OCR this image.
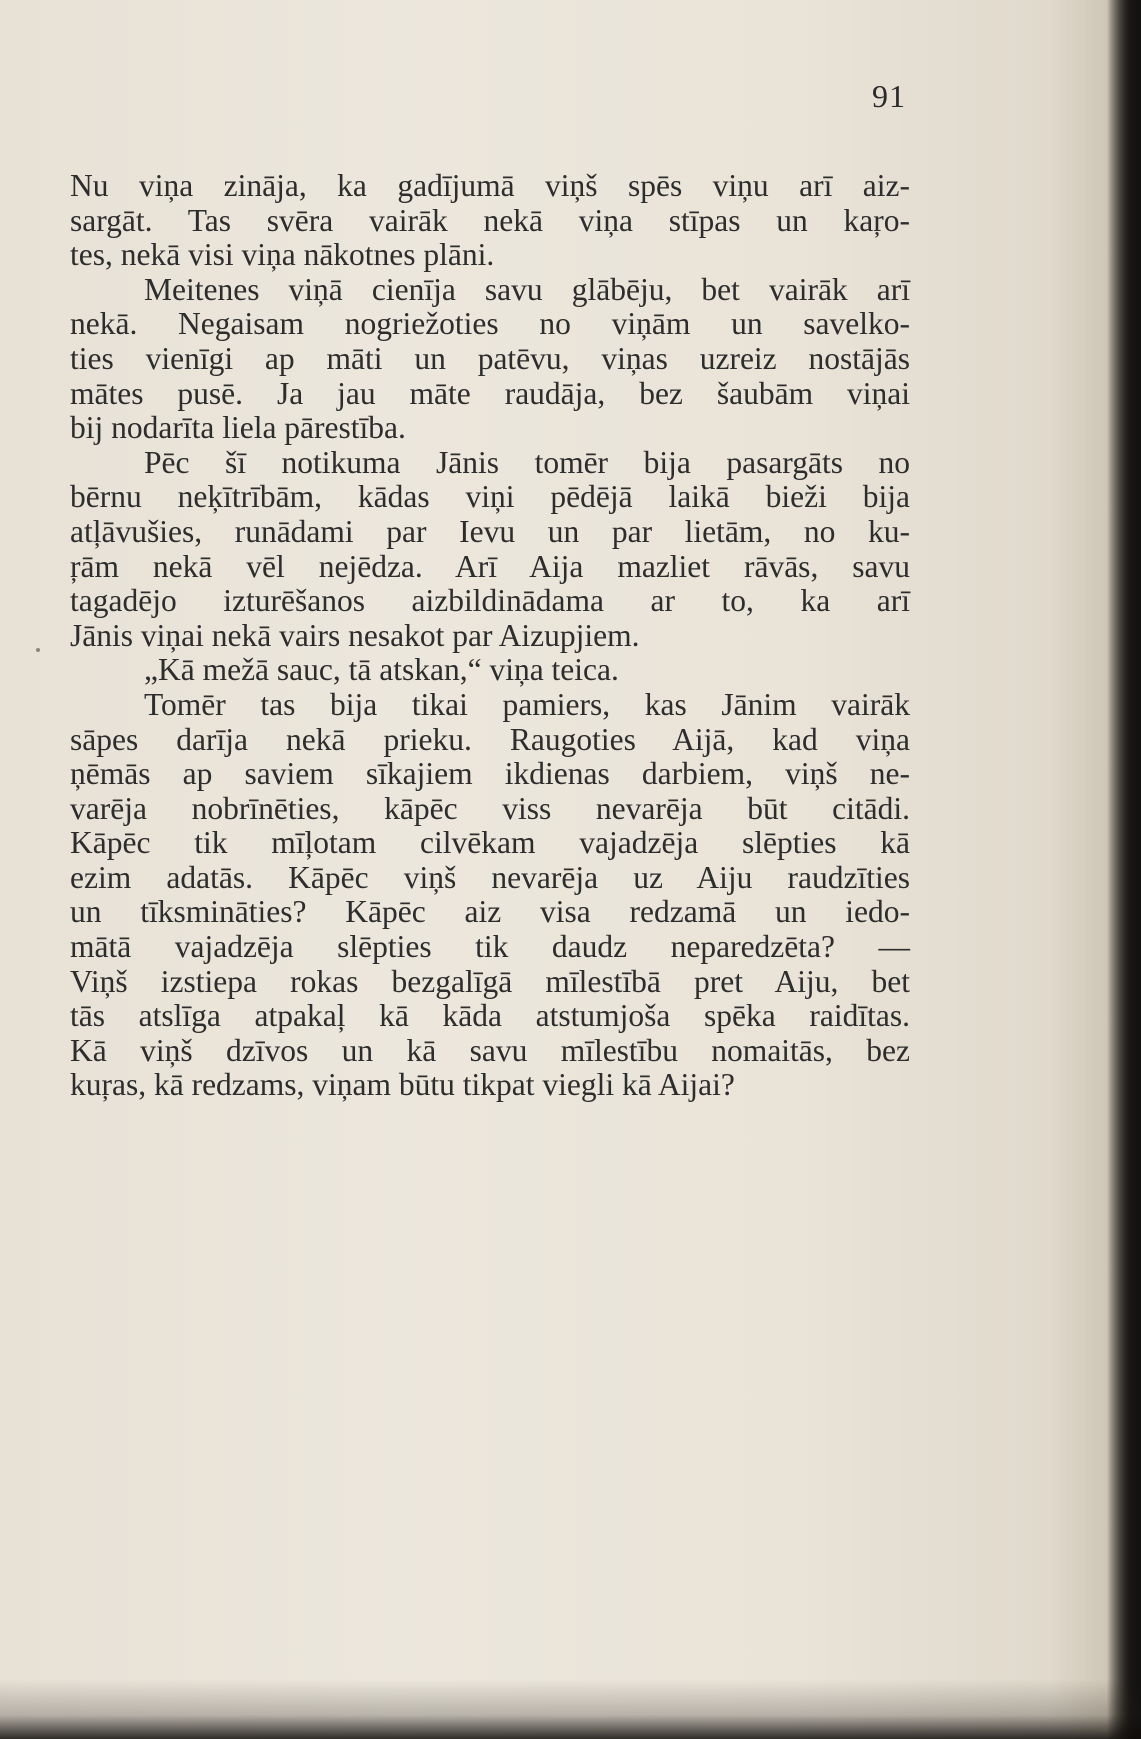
91
Nu viņa zināja, ka gadījumā viņš spēs viņu arī aiz-
sargāt. Tas svēra vairāk nekā viņa stīpas un kaŗo-
tes, nekā visi viņa nākotnes plāni.
Meitenes viņā cienīja savu glābēju, bet vairāk arī
nekā. Negaisam nogriežoties no viņām un savelko-
ties vienīgi ap māti un patēvu, viņas uzreiz nostājās
mātes pusē. Ja jau māte raudāja, bez šaubām viņai
bij nodarīta liela pārestība.
Pēc šī notikuma Jānis tomēr bija pasargāts no
bērnu neķītrībām, kādas viņi pēdējā laikā bieži bija
atļāvušies, runādami par Ievu un par lietām, no ku-
ŗām nekā vēl nejēdza. Arī Aija mazliet rāvās, savu
tagadējo izturēšanos aizbildinādama ar to, ka arī
Jānis viņai nekā vairs nesakot par Aizupjiem.
„Kā mežā sauc, tā atskan,“ viņa teica.
Tomēr tas bija tikai pamiers, kas Jānim vairāk
sāpes darīja nekā prieku. Raugoties Aijā, kad viņa
ņēmās ap saviem sīkajiem ikdienas darbiem, viņš ne-
varēja nobrīnēties, kāpēc viss nevarēja būt citādi.
Kāpēc tik mīļotam cilvēkam vajadzēja slēpties kā
ezim adatās. Kāpēc viņš nevarēja uz Aiju raudzīties
un tīksmināties? Kāpēc aiz visa redzamā un iedo-
mātā vajadzēja slēpties tik daudz neparedzēta? —
Viņš izstiepa rokas bezgalīgā mīlestībā pret Aiju, bet
tās atslīga atpakaļ kā kāda atstumjoša spēka raidītas.
Kā viņš dzīvos un kā savu mīlestību nomaitās, bez
kuŗas, kā redzams, viņam būtu tikpat viegli kā Aijai?
